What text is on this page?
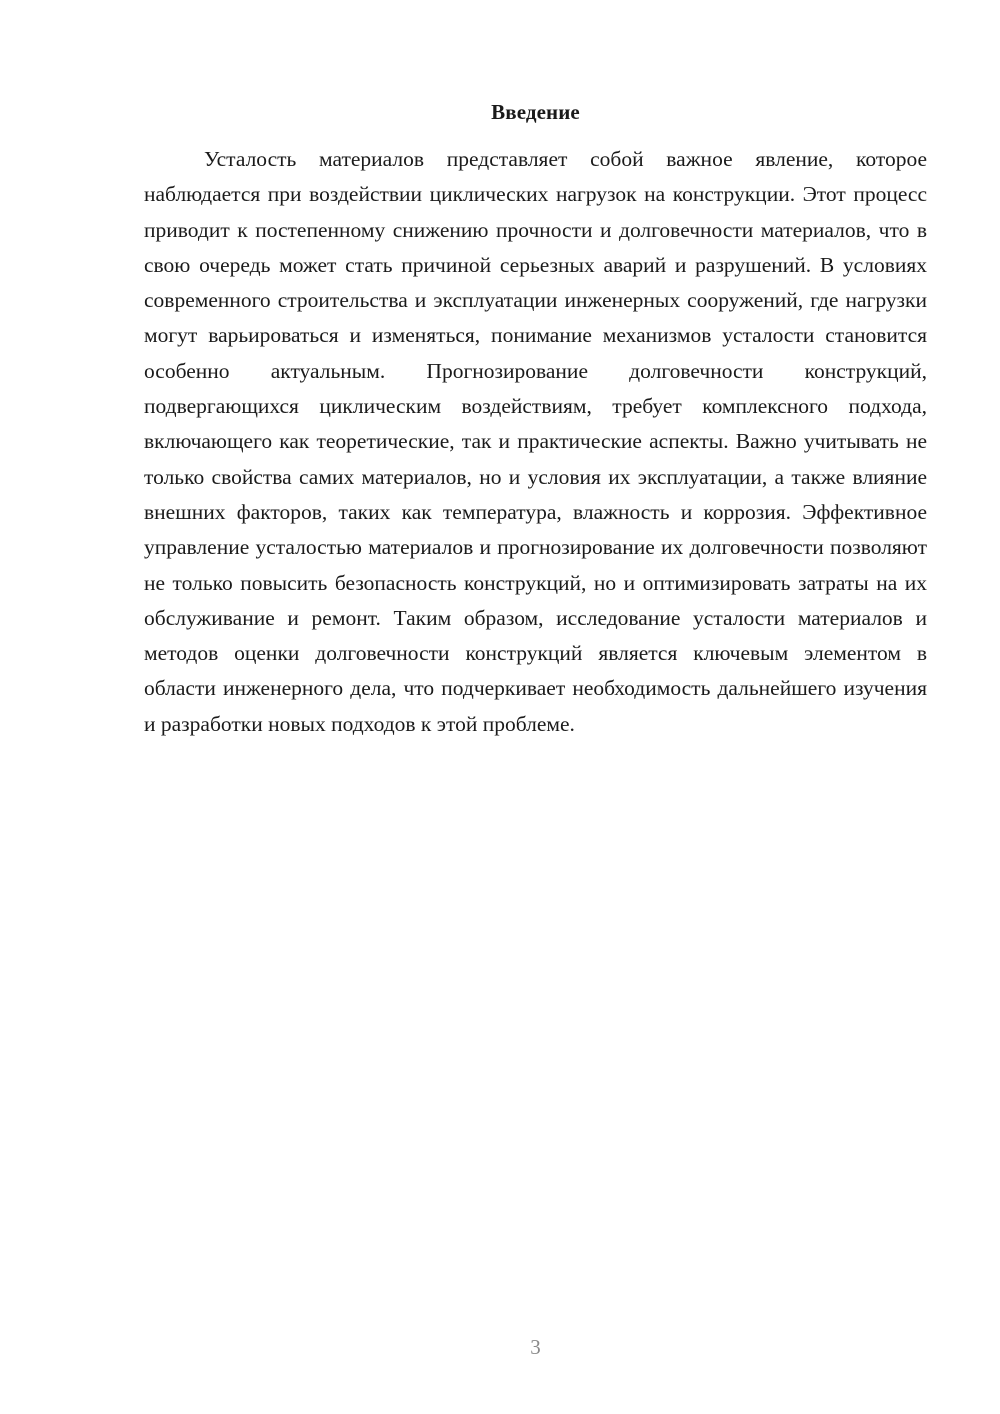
Введение

Усталость материалов представляет собой важное явление, которое наблюдается при воздействии циклических нагрузок на конструкции. Этот процесс приводит к постепенному снижению прочности и долговечности материалов, что в свою очередь может стать причиной серьезных аварий и разрушений. В условиях современного строительства и эксплуатации инженерных сооружений, где нагрузки могут варьироваться и изменяться, понимание механизмов усталости становится особенно актуальным. Прогнозирование долговечности конструкций, подвергающихся циклическим воздействиям, требует комплексного подхода, включающего как теоретические, так и практические аспекты. Важно учитывать не только свойства самих материалов, но и условия их эксплуатации, а также влияние внешних факторов, таких как температура, влажность и коррозия. Эффективное управление усталостью материалов и прогнозирование их долговечности позволяют не только повысить безопасность конструкций, но и оптимизировать затраты на их обслуживание и ремонт. Таким образом, исследование усталости материалов и методов оценки долговечности конструкций является ключевым элементом в области инженерного дела, что подчеркивает необходимость дальнейшего изучения и разработки новых подходов к этой проблеме.

3
